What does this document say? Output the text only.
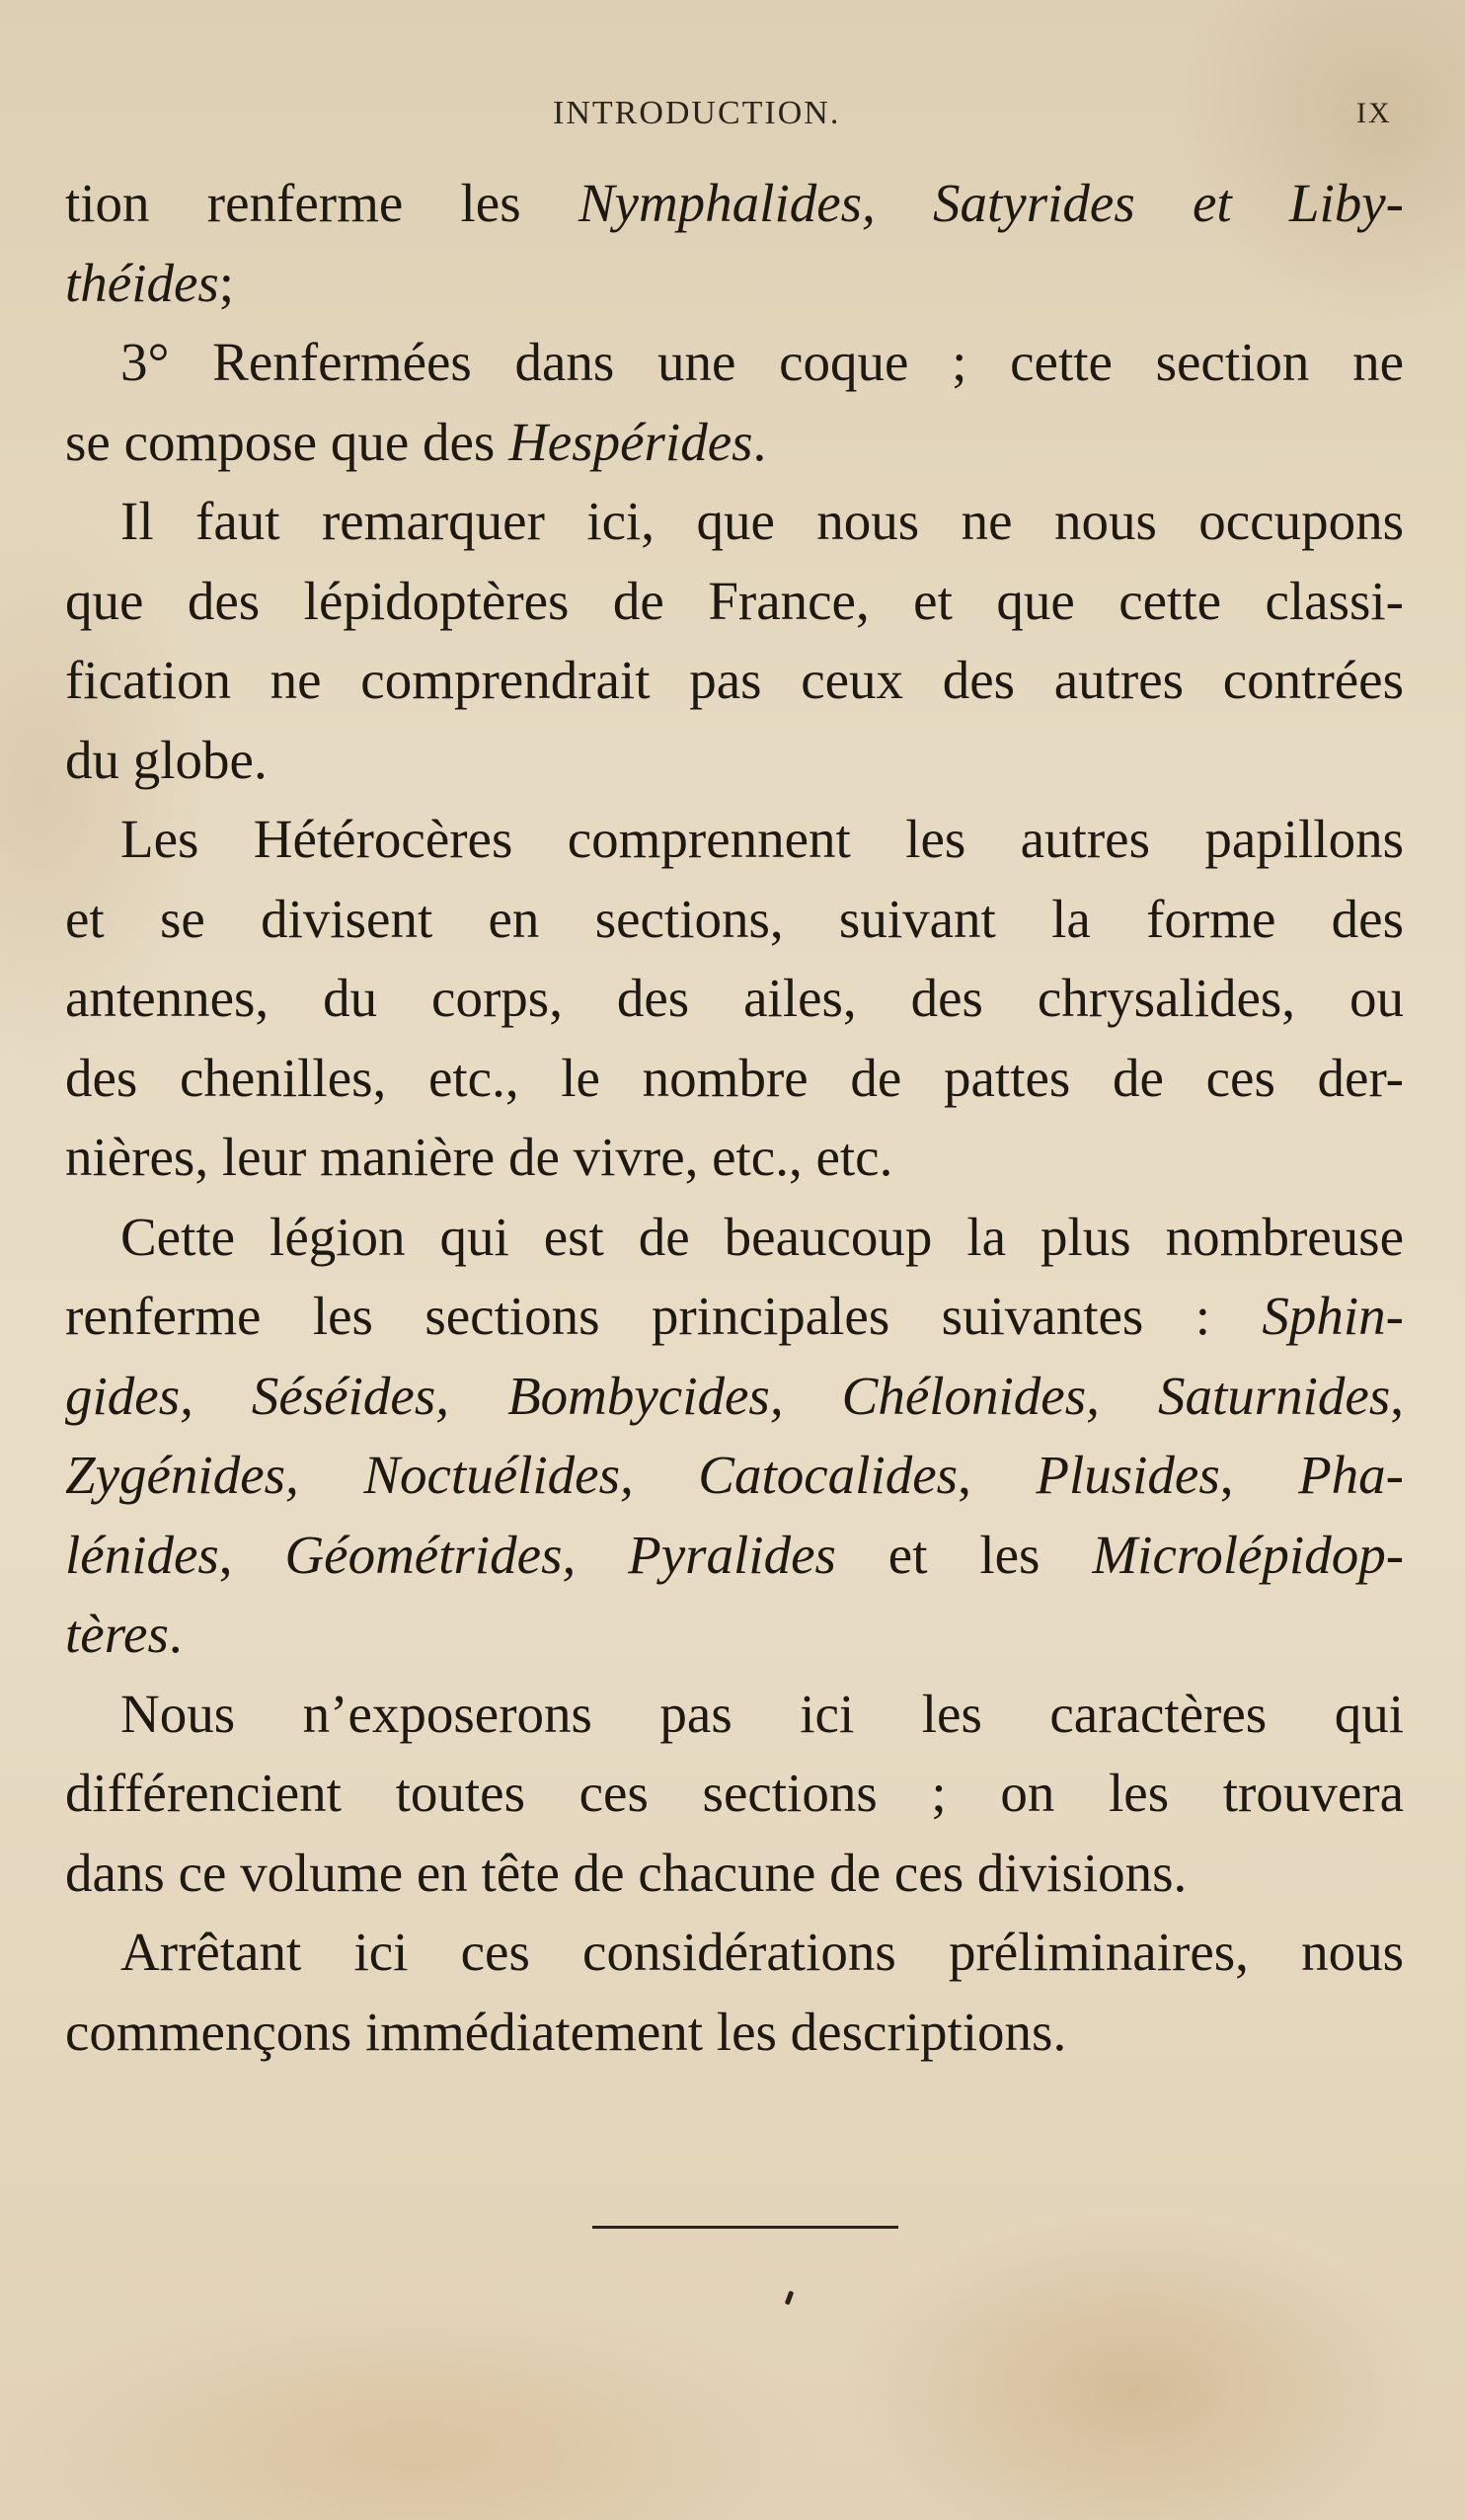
INTRODUCTION.	IX

tion renferme les Nymphalides, Satyrides et Liby-
théides;

3° Renfermées dans une coque ; cette section ne
se compose que des Hespérides.

Il faut remarquer ici, que nous ne nous occupons
que des lépidoptères de France, et que cette classi-
fication ne comprendrait pas ceux des autres contrées
du globe.

Les Hétérocères comprennent les autres papillons
et se divisent en sections, suivant la forme des
antennes, du corps, des ailes, des chrysalides, ou
des chenilles, etc., le nombre de pattes de ces der-
nières, leur manière de vivre, etc., etc.

Cette légion qui est de beaucoup la plus nombreuse
renferme les sections principales suivantes : Sphin-
gides, Séséides, Bombycides, Chélonides, Saturnides,
Zygénides, Noctuélides, Catocalides, Plusides, Pha-
lénides, Géométrides, Pyralides et les Microlépidop-
tères.

Nous n’exposerons pas ici les caractères qui
différencient toutes ces sections ; on les trouvera
dans ce volume en tête de chacune de ces divisions.

Arrêtant ici ces considérations préliminaires, nous
commençons immédiatement les descriptions.
